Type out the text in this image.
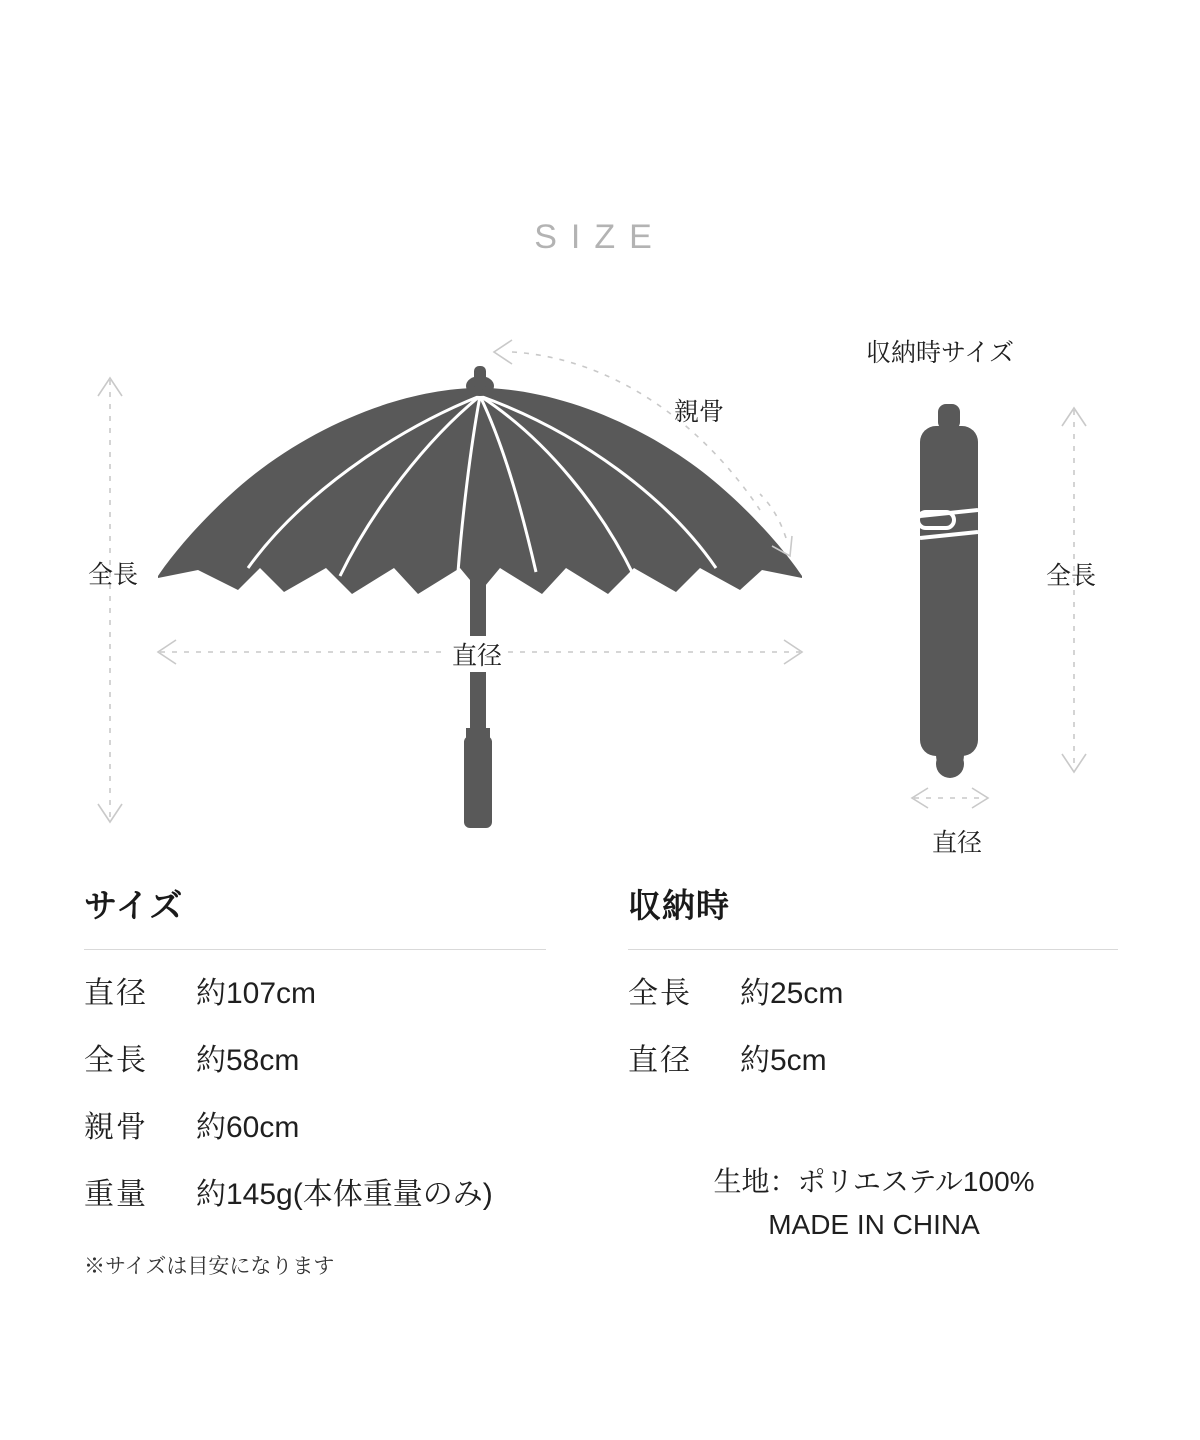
SIZE
全長
直径
親骨
収納時サイズ
全長
直径
サイズ
直径	約107cm
全長	約58cm
親骨	約60cm
重量	約145g(本体重量のみ)
※サイズは目安になります
収納時
全長	約25cm
直径	約5cm
生地：ポリエステル100%
MADE IN CHINA
